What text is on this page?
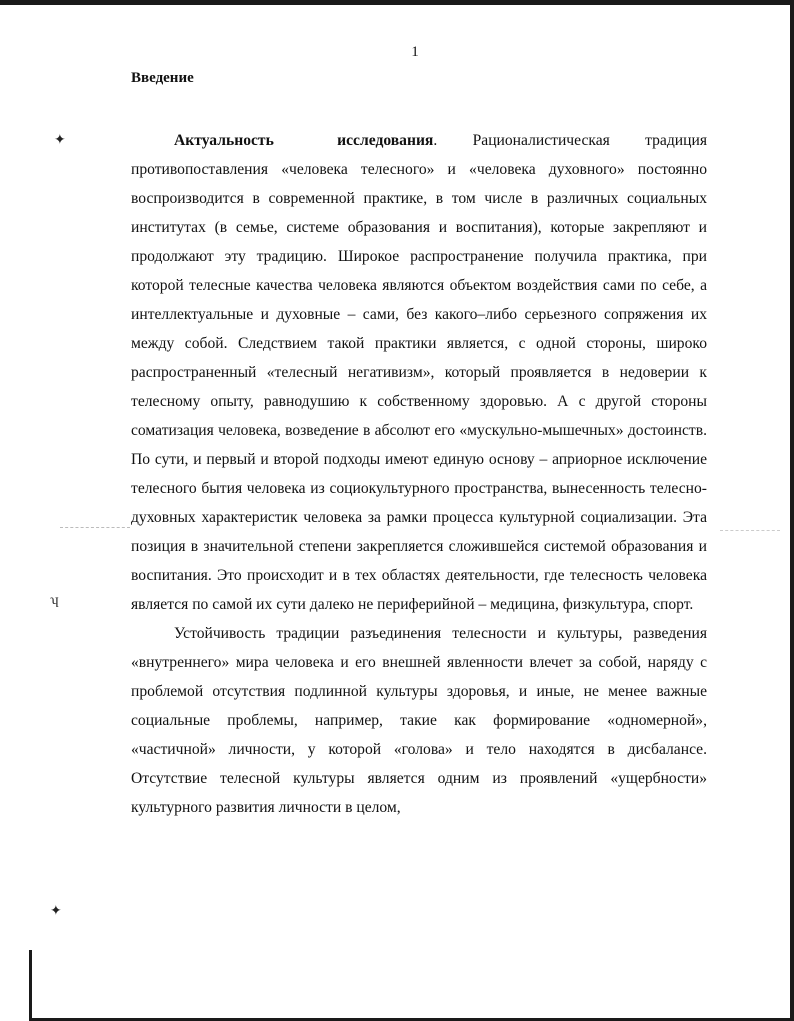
✦
ʮ
✦
1
Введение

Актуальность исследования. Рационалистическая традиция противопоставления «человека телесного» и «человека духовного» постоянно воспроизводится в современной практике, в том числе в различных социальных институтах (в семье, системе образования и воспитания), которые закрепляют и продолжают эту традицию. Широкое распространение получила практика, при которой телесные качества человека являются объектом воздействия сами по себе, а интеллектуальные и духовные – сами, без какого–либо серьезного сопряжения их между собой. Следствием такой практики является, с одной стороны, широко распространенный «телесный негативизм», который проявляется в недоверии к телесному опыту, равнодушию к собственному здоровью. А с другой стороны соматизация человека, возведение в абсолют его «мускульно-мышечных» достоинств. По сути, и первый и второй подходы имеют единую основу – априорное исключение телесного бытия человека из социокультурного пространства, вынесенность телесно-духовных характеристик человека за рамки процесса культурной социализации. Эта позиция в значительной степени закрепляется сложившейся системой образования и воспитания. Это происходит и в тех областях деятельности, где телесность человека является по самой их сути далеко не периферийной – медицина, физкультура, спорт.

Устойчивость традиции разъединения телесности и культуры, разведения «внутреннего» мира человека и его внешней явленности влечет за собой, наряду с проблемой отсутствия подлинной культуры здоровья, и иные, не менее важные социальные проблемы, например, такие как формирование «одномерной», «частичной» личности, у которой «голова» и тело находятся в дисбалансе. Отсутствие телесной культуры является одним из проявлений «ущербности» культурного развития личности в целом,
